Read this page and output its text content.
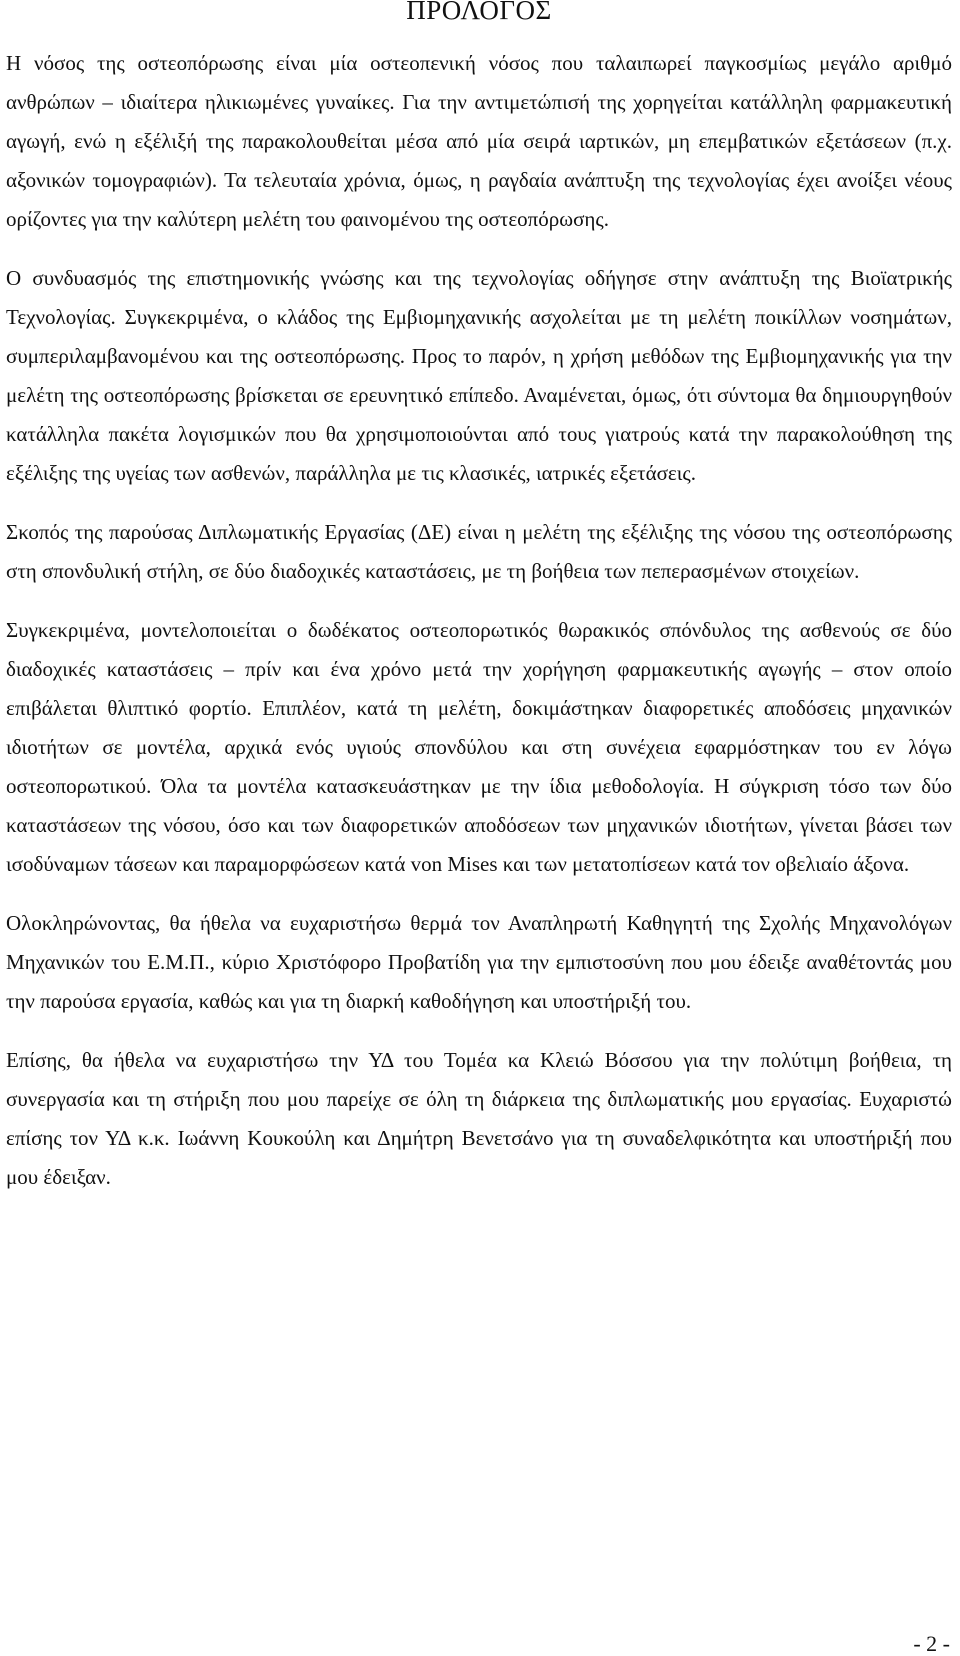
ΠΡΟΛΟΓΟΣ

Η νόσος της οστεοπόρωσης είναι μία οστεοπενική νόσος που ταλαιπωρεί παγκοσμίως μεγάλο αριθμό ανθρώπων – ιδιαίτερα ηλικιωμένες γυναίκες. Για την αντιμετώπισή της χορηγείται κατάλληλη φαρμακευτική αγωγή, ενώ η εξέλιξή της παρακολουθείται μέσα από μία σειρά ιαρτικών, μη επεμβατικών εξετάσεων (π.χ. αξονικών τομογραφιών). Τα τελευταία χρόνια, όμως, η ραγδαία ανάπτυξη της τεχνολογίας έχει ανοίξει νέους ορίζοντες για την καλύτερη μελέτη του φαινομένου της οστεοπόρωσης.

Ο συνδυασμός της επιστημονικής γνώσης και της τεχνολογίας οδήγησε στην ανάπτυξη της Βιοϊατρικής Τεχνολογίας. Συγκεκριμένα, ο κλάδος της Εμβιομηχανικής ασχολείται με τη μελέτη ποικίλλων νοσημάτων, συμπεριλαμβανομένου και της οστεοπόρωσης. Προς το παρόν, η χρήση μεθόδων της Εμβιομηχανικής για την μελέτη της οστεοπόρωσης βρίσκεται σε ερευνητικό επίπεδο. Αναμένεται, όμως, ότι σύντομα θα δημιουργηθούν κατάλληλα πακέτα λογισμικών που θα χρησιμοποιούνται από τους γιατρούς κατά την παρακολούθηση της εξέλιξης της υγείας των ασθενών, παράλληλα με τις κλασικές, ιατρικές εξετάσεις.

Σκοπός της παρούσας Διπλωματικής Εργασίας (ΔΕ) είναι η μελέτη της εξέλιξης της νόσου της οστεοπόρωσης στη σπονδυλική στήλη, σε δύο διαδοχικές καταστάσεις, με τη βοήθεια των πεπερασμένων στοιχείων.

Συγκεκριμένα, μοντελοποιείται ο δωδέκατος οστεοπορωτικός θωρακικός σπόνδυλος της ασθενούς σε δύο διαδοχικές καταστάσεις – πρίν και ένα χρόνο μετά την χορήγηση φαρμακευτικής αγωγής – στον οποίο επιβάλεται θλιπτικό φορτίο. Επιπλέον, κατά τη μελέτη, δοκιμάστηκαν διαφορετικές αποδόσεις μηχανικών ιδιοτήτων σε μοντέλα, αρχικά ενός υγιούς σπονδύλου και στη συνέχεια εφαρμόστηκαν του εν λόγω οστεοπορωτικού. Όλα τα μοντέλα κατασκευάστηκαν με την ίδια μεθοδολογία. Η σύγκριση τόσο των δύο καταστάσεων της νόσου, όσο και των διαφορετικών αποδόσεων των μηχανικών ιδιοτήτων, γίνεται βάσει των ισοδύναμων τάσεων και παραμορφώσεων κατά von Mises και των μετατοπίσεων κατά τον οβελιαίο άξονα.

Ολοκληρώνοντας, θα ήθελα να ευχαριστήσω θερμά τον Αναπληρωτή Καθηγητή της Σχολής Μηχανολόγων Μηχανικών του Ε.Μ.Π., κύριο Χριστόφορο Προβατίδη για την εμπιστοσύνη που μου έδειξε αναθέτοντάς μου την παρούσα εργασία, καθώς και για τη διαρκή καθοδήγηση και υποστήριξή του.

Επίσης, θα ήθελα να ευχαριστήσω την ΥΔ του Τομέα κα Κλειώ Βόσσου για την πολύτιμη βοήθεια, τη συνεργασία και τη στήριξη που μου παρείχε σε όλη τη διάρκεια της διπλωματικής μου εργασίας. Ευχαριστώ επίσης τον ΥΔ κ.κ. Ιωάννη Κουκούλη και Δημήτρη Βενετσάνο για τη συναδελφικότητα και υποστήριξή που μου έδειξαν.

- 2 -
